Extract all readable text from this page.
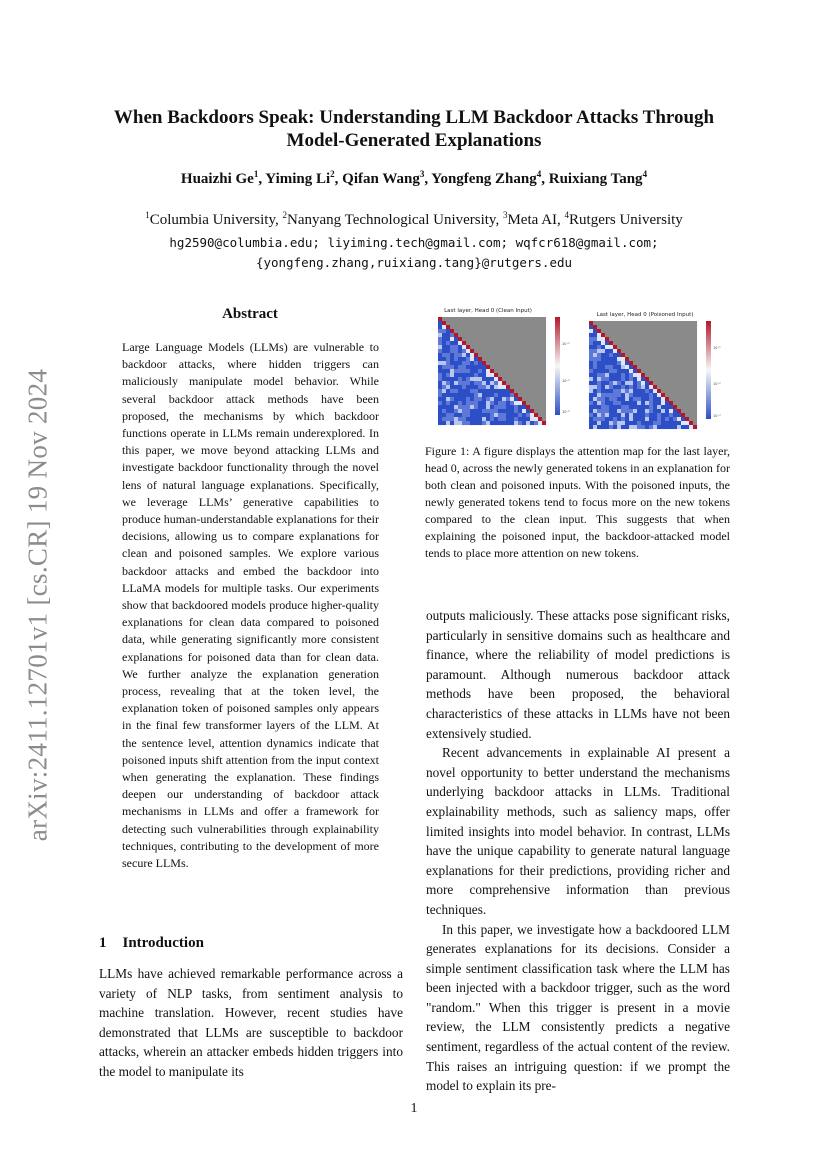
arXiv:2411.12701v1 [cs.CR] 19 Nov 2024
When Backdoors Speak: Understanding LLM Backdoor Attacks Through
Model-Generated Explanations
Huaizhi Ge$^1$, Yiming Li$^2$, Qifan Wang$^3$, Yongfeng Zhang$^4$, Ruixiang Tang$^4$
$^1$Columbia University, $^2$Nanyang Technological University, $^3$Meta AI, $^4$Rutgers University
hg2590@columbia.edu; liyiming.tech@gmail.com; wqfcr618@gmail.com;
{yongfeng.zhang,ruixiang.tang}@rutgers.edu
Abstract
Large Language Models (LLMs) are vulnerable to backdoor attacks, where hidden triggers can maliciously manipulate model behavior. While several backdoor attack methods have been proposed, the mechanisms by which backdoor functions operate in LLMs remain underexplored. In this paper, we move beyond attacking LLMs and investigate backdoor functionality through the novel lens of natural language explanations. Specifically, we leverage LLMs’ generative capabilities to produce human-understandable explanations for their decisions, allowing us to compare explanations for clean and poisoned samples. We explore various backdoor attacks and embed the backdoor into LLaMA models for multiple tasks. Our experiments show that backdoored models produce higher-quality explanations for clean data compared to poisoned data, while generating significantly more consistent explanations for poisoned data than for clean data. We further analyze the explanation generation process, revealing that at the token level, the explanation token of poisoned samples only appears in the final few transformer layers of the LLM. At the sentence level, attention dynamics indicate that poisoned inputs shift attention from the input context when generating the explanation. These findings deepen our understanding of backdoor attack mechanisms in LLMs and offer a framework for detecting such vulnerabilities through explainability techniques, contributing to the development of more secure LLMs.
1 Introduction
LLMs have achieved remarkable performance across a variety of NLP tasks, from sentiment analysis to machine translation. However, recent studies have demonstrated that LLMs are susceptible to backdoor attacks, wherein an attacker embeds hidden triggers into the model to manipulate its
Last layer, Head 0 (Clean Input)
10⁻¹
10⁻²
10⁻³
Last layer, Head 0 (Poisoned Input)
10⁻¹
10⁻²
10⁻³
Figure 1: A figure displays the attention map for the last layer, head 0, across the newly generated tokens in an explanation for both clean and poisoned inputs. With the poisoned inputs, the newly generated tokens tend to focus more on the new tokens compared to the clean input. This suggests that when explaining the poisoned input, the backdoor-attacked model tends to place more attention on new tokens.

outputs maliciously. These attacks pose significant risks, particularly in sensitive domains such as healthcare and finance, where the reliability of model predictions is paramount. Although numerous backdoor attack methods have been proposed, the behavioral characteristics of these attacks in LLMs have not been extensively studied.

Recent advancements in explainable AI present a novel opportunity to better understand the mechanisms underlying backdoor attacks in LLMs. Traditional explainability methods, such as saliency maps, offer limited insights into model behavior. In contrast, LLMs have the unique capability to generate natural language explanations for their predictions, providing richer and more comprehensive information than previous techniques.

In this paper, we investigate how a backdoored LLM generates explanations for its decisions. Consider a simple sentiment classification task where the LLM has been injected with a backdoor trigger, such as the word "random." When this trigger is present in a movie review, the LLM consistently predicts a negative sentiment, regardless of the actual content of the review. This raises an intriguing question: if we prompt the model to explain its pre-

1
